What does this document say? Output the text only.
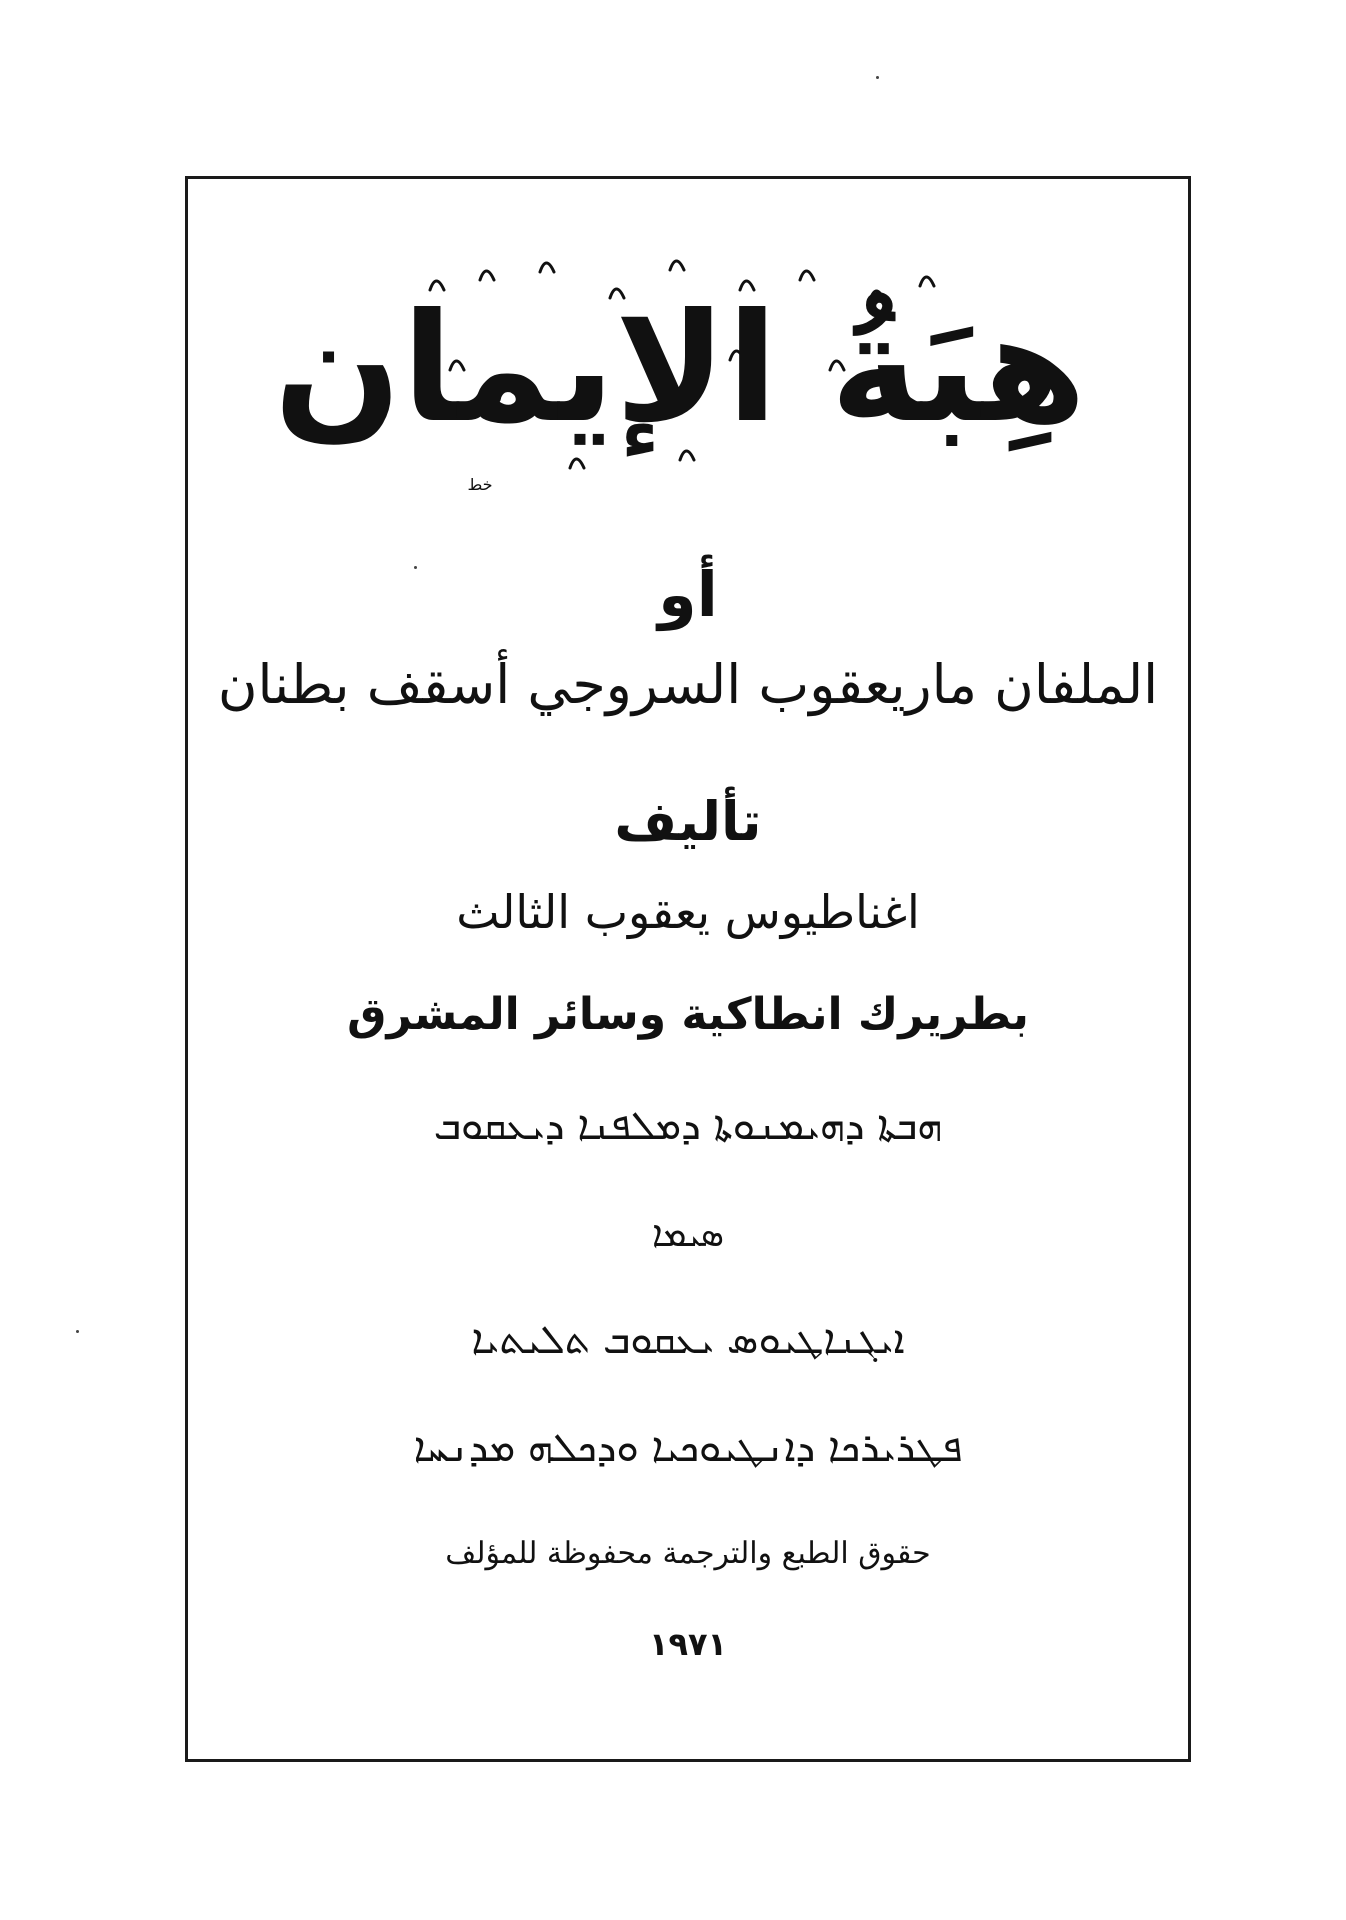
هِبَةُ الإيمان
خط
أو
الملفان ماريعقوب السروجي أسقف بطنان
تأليف
اغناطيوس يعقوب الثالث
بطريرك انطاكية وسائر المشرق
ܗܒܬܐ ܕܗܝܡܢܘܬܐ ܕܡܠܦܢܐ ܕܝܥܩܘܒ
ܣܝܡܐ
ܐܝܓܢܐܛܝܘܣ ܝܥܩܘܒ ܬܠܝܬܝܐ
ܦܛܪܝܪܟܐ ܕܐܢܛܝܘܟܝܐ ܘܕܟܠܗ ܡܕܢܚܐ
حقوق الطبع والترجمة محفوظة للمؤلف
١٩٧١
